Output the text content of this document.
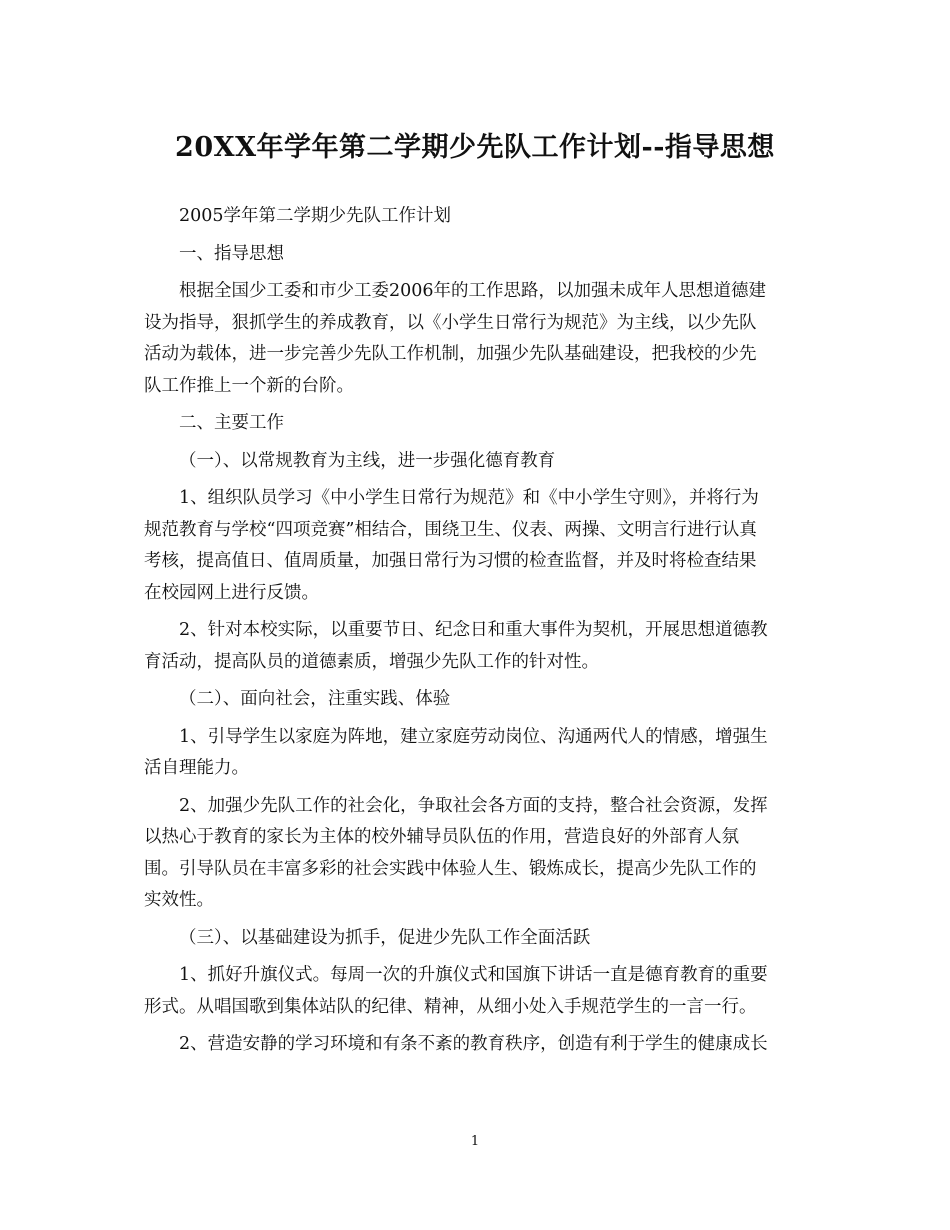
20XX年学年第二学期少先队工作计划--指导思想

2005学年第二学期少先队工作计划

一、指导思想

根据全国少工委和市少工委2006年的工作思路，以加强未成年人思想道德建
设为指导，狠抓学生的养成教育，以《小学生日常行为规范》为主线，以少先队
活动为载体，进一步完善少先队工作机制，加强少先队基础建设，把我校的少先
队工作推上一个新的台阶。

二、主要工作

（一）、以常规教育为主线，进一步强化德育教育

1、组织队员学习《中小学生日常行为规范》和《中小学生守则》，并将行为
规范教育与学校“四项竞赛”相结合，围绕卫生、仪表、两操、文明言行进行认真
考核，提高值日、值周质量，加强日常行为习惯的检查监督，并及时将检查结果
在校园网上进行反馈。

2、针对本校实际，以重要节日、纪念日和重大事件为契机，开展思想道德教
育活动，提高队员的道德素质，增强少先队工作的针对性。

（二）、面向社会，注重实践、体验

1、引导学生以家庭为阵地，建立家庭劳动岗位、沟通两代人的情感，增强生
活自理能力。

2、加强少先队工作的社会化，争取社会各方面的支持，整合社会资源，发挥
以热心于教育的家长为主体的校外辅导员队伍的作用，营造良好的外部育人氛
围。引导队员在丰富多彩的社会实践中体验人生、锻炼成长，提高少先队工作的
实效性。

（三）、以基础建设为抓手，促进少先队工作全面活跃

1、抓好升旗仪式。每周一次的升旗仪式和国旗下讲话一直是德育教育的重要
形式。从唱国歌到集体站队的纪律、精神，从细小处入手规范学生的一言一行。

2、营造安静的学习环境和有条不紊的教育秩序，创造有利于学生的健康成长

1
